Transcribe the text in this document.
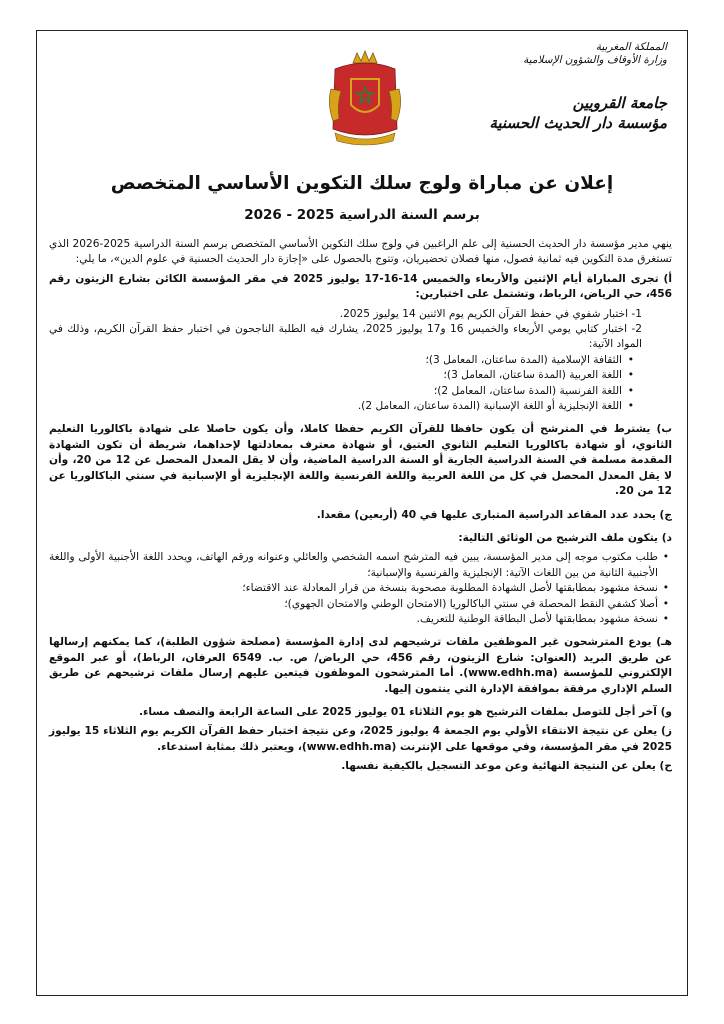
المملكة المغربية
وزارة الأوقاف والشؤون الإسلامية
جامعة القرويين
مؤسسة دار الحديث الحسنية
إعلان عن مباراة ولوج سلك التكوين الأساسي المتخصص
برسم السنة الدراسية 2025 - 2026

ينهي مدير مؤسسة دار الحديث الحسنية إلى علم الراغبين في ولوج سلك التكوين الأساسي المتخصص برسم السنة الدراسية 2025-2026 الذي تستغرق مدة التكوين فيه ثمانية فصول، منها فصلان تحضيريان، وتتوج بالحصول على «إجازة دار الحديث الحسنية في علوم الدين»، ما يلي:

أ) تجرى المباراة أيام الإثنين والأربعاء والخميس 14-16-17 يوليوز 2025 في مقر المؤسسة الكائن بشارع الزيتون رقم 456، حي الرياض، الرباط، وتشتمل على اختبارين:

1- اختبار شفوي في حفظ القرآن الكريم يوم الاثنين 14 يوليوز 2025.
2- اختبار كتابي يومي الأربعاء والخميس 16 و17 يوليوز 2025، يشارك فيه الطلبة الناجحون في اختبار حفظ القرآن الكريم، وذلك في المواد الآتية:
• الثقافة الإسلامية (المدة ساعتان، المعامل 3)؛
• اللغة العربية (المدة ساعتان، المعامل 3)؛
• اللغة الفرنسية (المدة ساعتان، المعامل 2)؛
• اللغة الإنجليزية أو اللغة الإسبانية (المدة ساعتان، المعامل 2).

ب) يشترط في المترشح أن يكون حافظا للقرآن الكريم حفظا كاملا، وأن يكون حاصلا على شهادة باكالوريا التعليم الثانوي، أو شهادة باكالوريا التعليم الثانوي العتيق، أو شهادة معترف بمعادلتها لإحداهما، شريطة أن تكون الشهادة المقدمة مسلمة في السنة الدراسية الجارية أو السنة الدراسية الماضية، وأن لا يقل المعدل المحصل عن 12 من 20، وأن لا يقل المعدل المحصل في كل من اللغة العربية واللغة الفرنسية واللغة الإنجليزية أو الإسبانية في سنتي الباكالوريا عن 12 من 20.

ج) يحدد عدد المقاعد الدراسية المتبارى عليها في 40 (أربعين) مقعدا.

د) يتكون ملف الترشيح من الوثائق التالية:

• طلب مكتوب موجه إلى مدير المؤسسة، يبين فيه المترشح اسمه الشخصي والعائلي وعنوانه ورقم الهاتف، ويحدد اللغة الأجنبية الأولى واللغة الأجنبية الثانية من بين اللغات الآتية: الإنجليزية والفرنسية والإسبانية؛
• نسخة مشهود بمطابقتها لأصل الشهادة المطلوبة مصحوبة بنسخة من قرار المعادلة عند الاقتضاء؛
• أصلا كشفي النقط المحصلة في سنتي الباكالوريا (الامتحان الوطني والامتحان الجهوي)؛
• نسخة مشهود بمطابقتها لأصل البطاقة الوطنية للتعريف.

هـ) يودع المترشحون غير الموظفين ملفات ترشيحهم لدى إدارة المؤسسة (مصلحة شؤون الطلبة)، كما يمكنهم إرسالها عن طريق البريد (العنوان: شارع الزيتون، رقم 456، حي الرياض/ ص. ب. 6549 العرفان، الرباط)، أو عبر الموقع الإلكتروني للمؤسسة (www.edhh.ma). أما المترشحون الموظفون فيتعين عليهم إرسال ملفات ترشيحهم عن طريق السلم الإداري مرفقة بموافقة الإدارة التي ينتمون إليها.

و) آخر أجل للتوصل بملفات الترشيح هو يوم الثلاثاء 01 يوليوز 2025 على الساعة الرابعة والنصف مساء.

ز) يعلن عن نتيجة الانتقاء الأولي يوم الجمعة 4 يوليوز 2025، وعن نتيجة اختبار حفظ القرآن الكريم يوم الثلاثاء 15 يوليوز 2025 في مقر المؤسسة، وفي موقعها على الإنترنت (www.edhh.ma)، ويعتبر ذلك بمثابة استدعاء.

ح) يعلن عن النتيجة النهائية وعن موعد التسجيل بالكيفية نفسها.
